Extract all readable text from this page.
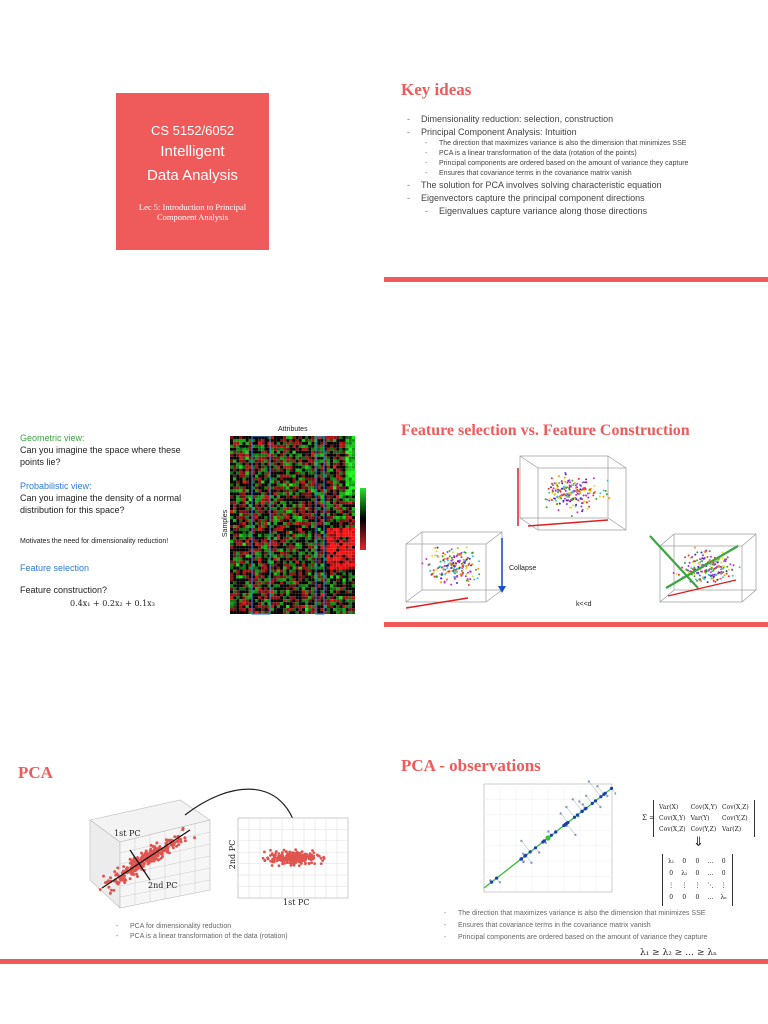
CS 5152/6052
Intelligent
Data Analysis
Lec 5: Introduction to Principal Component Analysis
Key ideas
- Dimensionality reduction: selection, construction
- Principal Component Analysis: Intuition
- The direction that maximizes variance is also the dimension that minimizes SSE
- PCA is a linear transformation of the data (rotation of the points)
- Principal components are ordered based on the amount of variance they capture
- Ensures that covariance terms in the covariance matrix vanish
- The solution for PCA involves solving characteristic equation
- Eigenvectors capture the principal component directions
- Eigenvalues capture variance along those directions
Geometric view:
Can you imagine the space where these points lie?
Probabilistic view:
Can you imagine the density of a normal distribution for this space?
Motivates the need for dimensionality reduction!
Feature selection
Feature construction?
0.4x₁ + 0.2x₂ + 0.1x₃
Attributes
Samples
Feature selection vs. Feature Construction
Collapse
k<<d
PCA
1st PC
2nd PC
1st PC
2nd PC
- PCA for dimensionality reduction
- PCA is a linear transformation of the data (rotation)
PCA - observations
Σ =
Var(X)	Cov(X,Y)	Cov(X,Z)
Cov(X,Y)	Var(Y)	Cov(Y,Z)
Cov(X,Z)	Cov(Y,Z)	Var(Z)
⇓
λ₁	0	0	…	0
0	λ₂	0	…	0
⋮	⋮	⋮	⋱	⋮
0	0	0	…	λₙ
- The direction that maximizes variance is also the dimension that minimizes SSE
- Ensures that covariance terms in the covariance matrix vanish
- Principal components are ordered based on the amount of variance they capture
λ₁ ≥ λ₂ ≥ … ≥ λₙ
